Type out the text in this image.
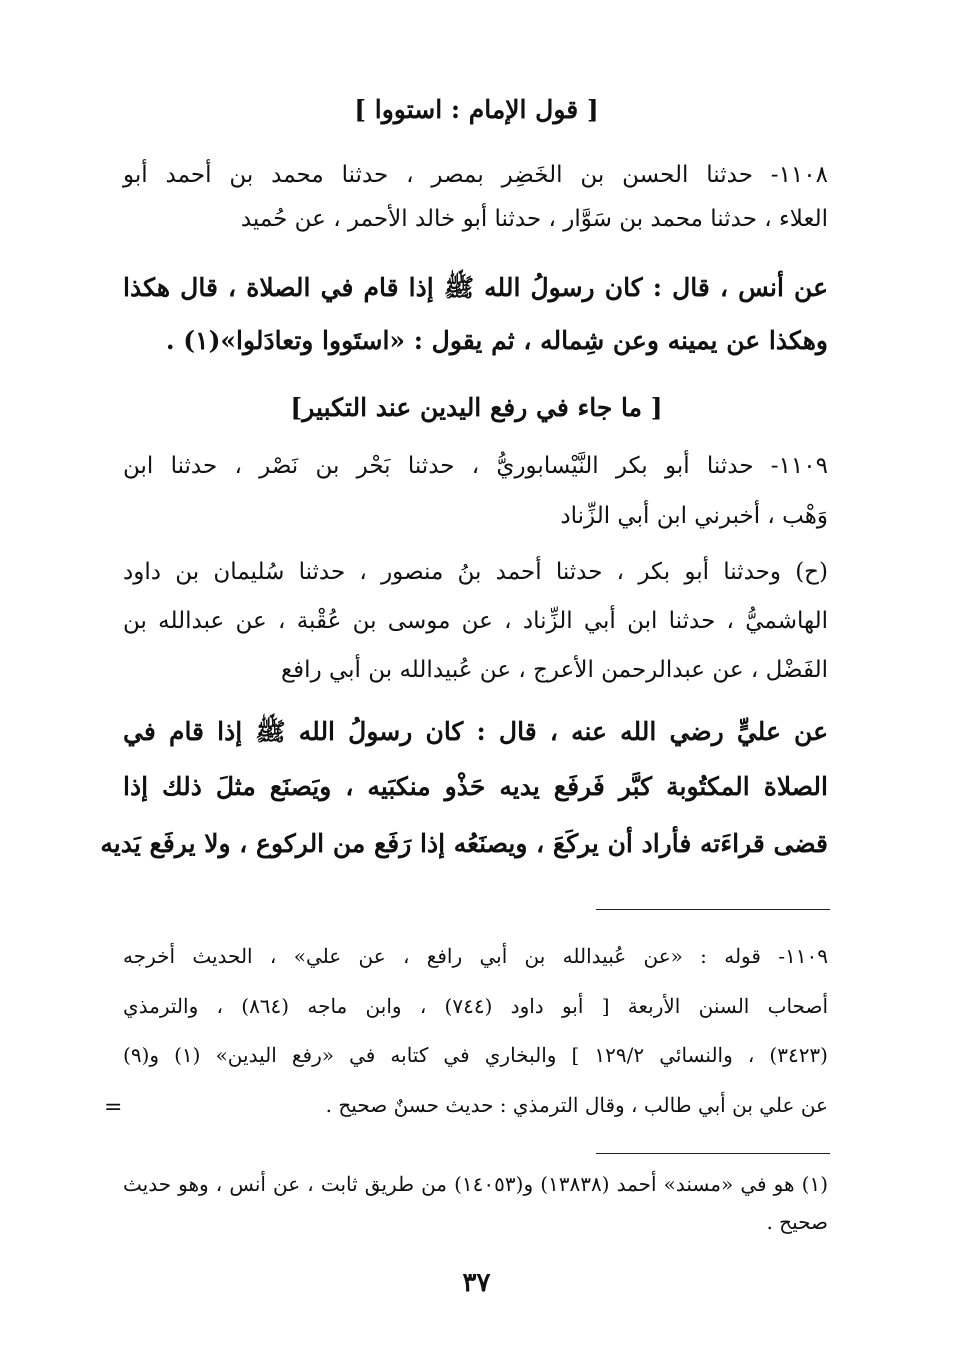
[ قول الإمام : استووا ]
١١٠٨- حدثنا الحسن بن الخَضِر بمصر ، حدثنا محمد بن أحمد أبو
العلاء ، حدثنا محمد بن سَوَّار ، حدثنا أبو خالد الأحمر ، عن حُميد
عن أنس ، قال : كان رسولُ الله ﷺ إذا قام في الصلاة ، قال هكذا
وهكذا عن يمينه وعن شِماله ، ثم يقول : «استَووا وتعادَلوا»(١) .
[ ما جاء في رفع اليدين عند التكبير]
١١٠٩- حدثنا أبو بكر النَّيْسابوريُّ ، حدثنا بَحْر بن نَصْر ، حدثنا ابن
وَهْب ، أخبرني ابن أبي الزِّناد
(ح) وحدثنا أبو بكر ، حدثنا أحمد بنُ منصور ، حدثنا سُليمان بن داود
الهاشميُّ ، حدثنا ابن أبي الزِّناد ، عن موسى بن عُقْبة ، عن عبدالله بن
الفَضْل ، عن عبدالرحمن الأعرج ، عن عُبيدالله بن أبي رافع
عن عليٍّ رضي الله عنه ، قال : كان رسولُ الله ﷺ إذا قام في
الصلاة المكتُوبة كبَّر فَرفَع يديه حَذْو منكبَيه ، ويَصنَع مثلَ ذلك إذا
قضى قراءَته فأراد أن يركَعَ ، ويصنَعُه إذا رَفَع من الركوع ، ولا يرفَع يَديه
١١٠٩- قوله : «عن عُبيدالله بن أبي رافع ، عن علي» ، الحديث أخرجه
أصحاب السنن الأربعة [ أبو داود (٧٤٤) ، وابن ماجه (٨٦٤) ، والترمذي
(٣٤٢٣) ، والنسائي ١٢٩/٢ ] والبخاري في كتابه في «رفع اليدين» (١) و(٩)
عن علي بن أبي طالب ، وقال الترمذي : حديث حسنٌ صحيح .
=
(١) هو في «مسند» أحمد (١٣٨٣٨) و(١٤٠٥٣) من طريق ثابت ، عن أنس ، وهو حديث
صحيح .
٣٧
